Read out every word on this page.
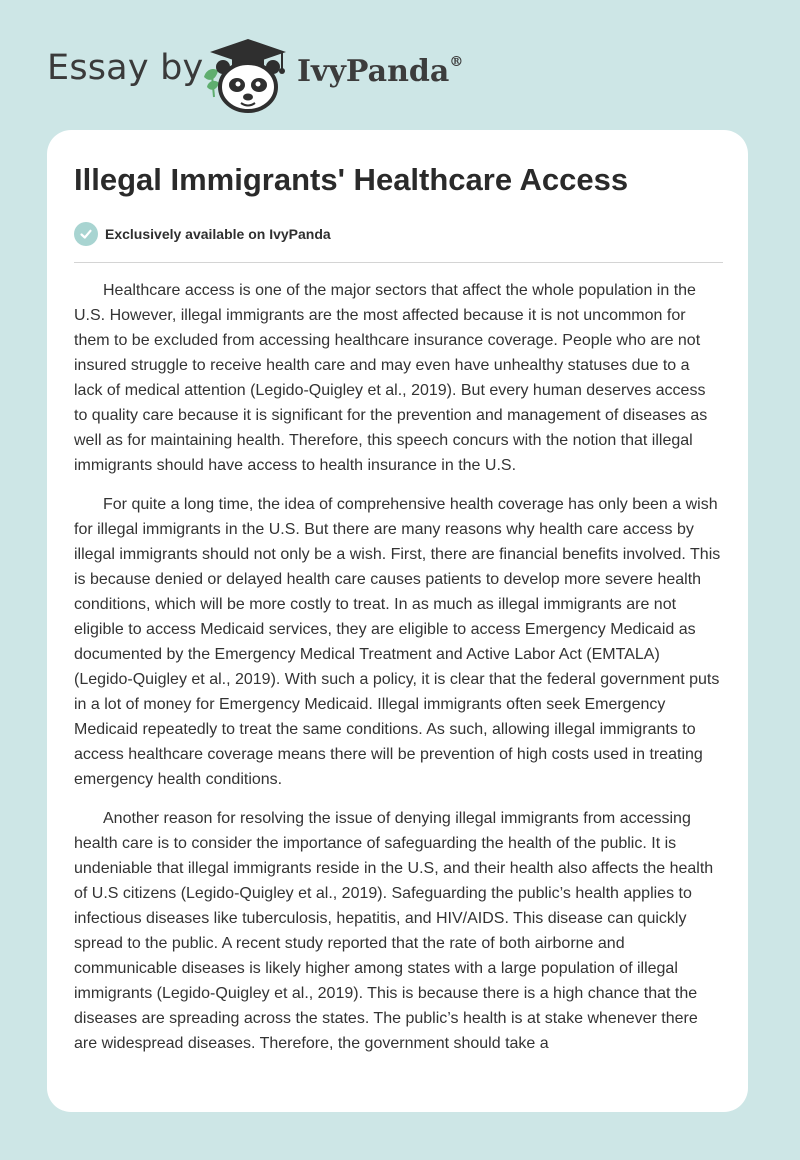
Essay by	IvyPanda®
Illegal Immigrants' Healthcare Access
Exclusively available on IvyPanda

Healthcare access is one of the major sectors that affect the whole population in the U.S. However, illegal immigrants are the most affected because it is not uncommon for them to be excluded from accessing healthcare insurance coverage. People who are not insured struggle to receive health care and may even have unhealthy statuses due to a lack of medical attention (Legido-Quigley et al., 2019). But every human deserves access to quality care because it is significant for the prevention and management of diseases as well as for maintaining health. Therefore, this speech concurs with the notion that illegal immigrants should have access to health insurance in the U.S.

For quite a long time, the idea of comprehensive health coverage has only been a wish for illegal immigrants in the U.S. But there are many reasons why health care access by illegal immigrants should not only be a wish. First, there are financial benefits involved. This is because denied or delayed health care causes patients to develop more severe health conditions, which will be more costly to treat. In as much as illegal immigrants are not eligible to access Medicaid services, they are eligible to access Emergency Medicaid as documented by the Emergency Medical Treatment and Active Labor Act (EMTALA) (Legido-Quigley et al., 2019). With such a policy, it is clear that the federal government puts in a lot of money for Emergency Medicaid. Illegal immigrants often seek Emergency Medicaid repeatedly to treat the same conditions. As such, allowing illegal immigrants to access healthcare coverage means there will be prevention of high costs used in treating emergency health conditions.

Another reason for resolving the issue of denying illegal immigrants from accessing health care is to consider the importance of safeguarding the health of the public. It is undeniable that illegal immigrants reside in the U.S, and their health also affects the health of U.S citizens (Legido-Quigley et al., 2019). Safeguarding the public’s health applies to infectious diseases like tuberculosis, hepatitis, and HIV/AIDS. This disease can quickly spread to the public. A recent study reported that the rate of both airborne and communicable diseases is likely higher among states with a large population of illegal immigrants (Legido-Quigley et al., 2019). This is because there is a high chance that the diseases are spreading across the states. The public’s health is at stake whenever there are widespread diseases. Therefore, the government should take a
